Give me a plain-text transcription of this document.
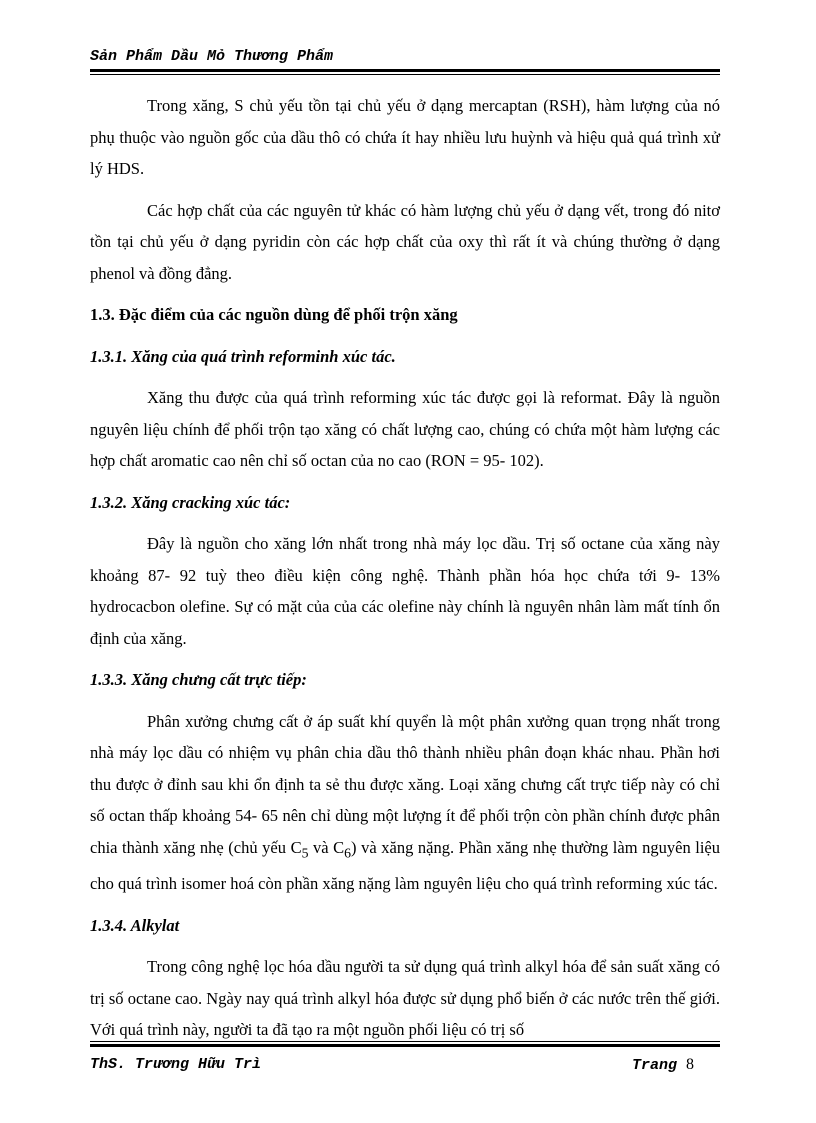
Sản Phẩm Dầu Mỏ Thương Phẩm

Trong xăng, S chủ yếu tồn tại chủ yếu ở dạng mercaptan (RSH), hàm lượng của nó phụ thuộc vào nguồn gốc của dầu thô có chứa ít hay nhiều lưu huỳnh và hiệu quả quá trình xử lý HDS.

Các hợp chất của các nguyên tử khác có hàm lượng chủ yếu ở dạng vết, trong đó nitơ tồn tại chủ yếu ở dạng pyridin còn các hợp chất của oxy thì rất ít và chúng thường ở dạng phenol và đồng đẳng.

1.3. Đặc điểm của các nguồn dùng để phối trộn xăng
1.3.1. Xăng của quá trình reforminh xúc tác.

Xăng thu được của quá trình reforming xúc tác được gọi là reformat. Đây là nguồn nguyên liệu chính để phối trộn tạo xăng có chất lượng cao, chúng có chứa một hàm lượng các hợp chất aromatic cao nên chỉ số octan của no cao (RON = 95- 102).

1.3.2. Xăng cracking xúc tác:

Đây là nguồn cho xăng lớn nhất trong nhà máy lọc dầu. Trị số octane của xăng này khoảng 87- 92 tuỳ theo điều kiện công nghệ. Thành phần hóa học chứa tới 9- 13% hydrocacbon olefine. Sự có mặt của của các olefine này chính là nguyên nhân làm mất tính ổn định của xăng.

1.3.3. Xăng chưng cất trực tiếp:

Phân xưởng chưng cất ở áp suất khí quyển là một phân xưởng quan trọng nhất trong nhà máy lọc dầu có nhiệm vụ phân chia dầu thô thành nhiều phân đoạn khác nhau. Phần hơi thu được ở đỉnh sau khi ổn định ta sẻ thu được xăng. Loại xăng chưng cất trực tiếp này có chỉ số octan thấp khoảng 54- 65 nên chỉ dùng một lượng ít để phối trộn còn phần chính được phân chia thành xăng nhẹ (chủ yếu $C_5$ và $C_6$) và xăng nặng. Phần xăng nhẹ thường làm nguyên liệu cho quá trình isomer hoá còn phần xăng nặng làm nguyên liệu cho quá trình reforming xúc tác.

1.3.4. Alkylat

Trong công nghệ lọc hóa dầu người ta sử dụng quá trình alkyl hóa để sản suất xăng có trị số octane cao. Ngày nay quá trình alkyl hóa được sử dụng phổ biến ở các nước trên thế giới. Với quá trình này, người ta đã tạo ra một nguồn phối liệu có trị số

ThS. Trương Hữu Trì	Trang 8
